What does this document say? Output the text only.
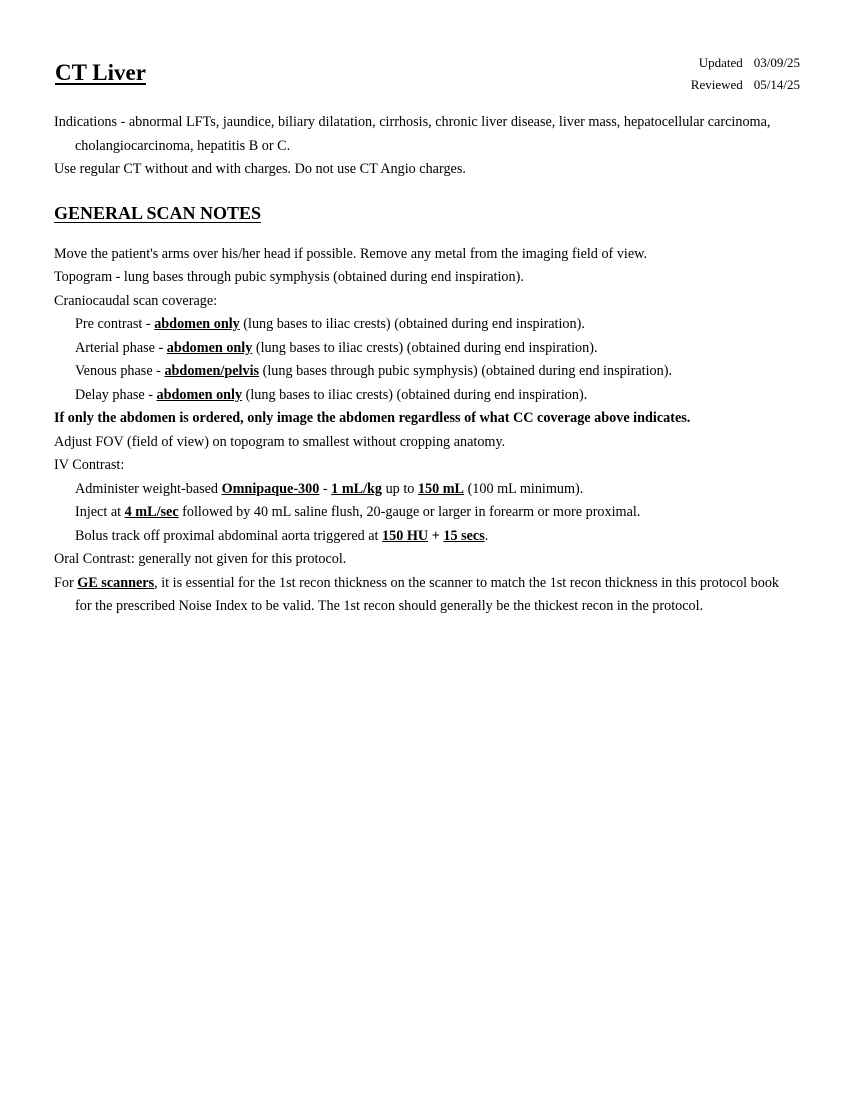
Updated 03/09/25
Reviewed 05/14/25
CT Liver

Indications - abnormal LFTs, jaundice, biliary dilatation, cirrhosis, chronic liver disease, liver mass, hepatocellular carcinoma, cholangiocarcinoma, hepatitis B or C.

Use regular CT without and with charges. Do not use CT Angio charges.

GENERAL SCAN NOTES

Move the patient's arms over his/her head if possible. Remove any metal from the imaging field of view.

Topogram - lung bases through pubic symphysis (obtained during end inspiration).

Craniocaudal scan coverage:

Pre contrast - abdomen only (lung bases to iliac crests) (obtained during end inspiration).

Arterial phase - abdomen only (lung bases to iliac crests) (obtained during end inspiration).

Venous phase - abdomen/pelvis (lung bases through pubic symphysis) (obtained during end inspiration).

Delay phase - abdomen only (lung bases to iliac crests) (obtained during end inspiration).

If only the abdomen is ordered, only image the abdomen regardless of what CC coverage above indicates.

Adjust FOV (field of view) on topogram to smallest without cropping anatomy.

IV Contrast:

Administer weight-based Omnipaque-300 - 1 mL/kg up to 150 mL (100 mL minimum).

Inject at 4 mL/sec followed by 40 mL saline flush, 20-gauge or larger in forearm or more proximal.

Bolus track off proximal abdominal aorta triggered at 150 HU + 15 secs.

Oral Contrast: generally not given for this protocol.

For GE scanners, it is essential for the 1st recon thickness on the scanner to match the 1st recon thickness in this protocol book for the prescribed Noise Index to be valid. The 1st recon should generally be the thickest recon in the protocol.
